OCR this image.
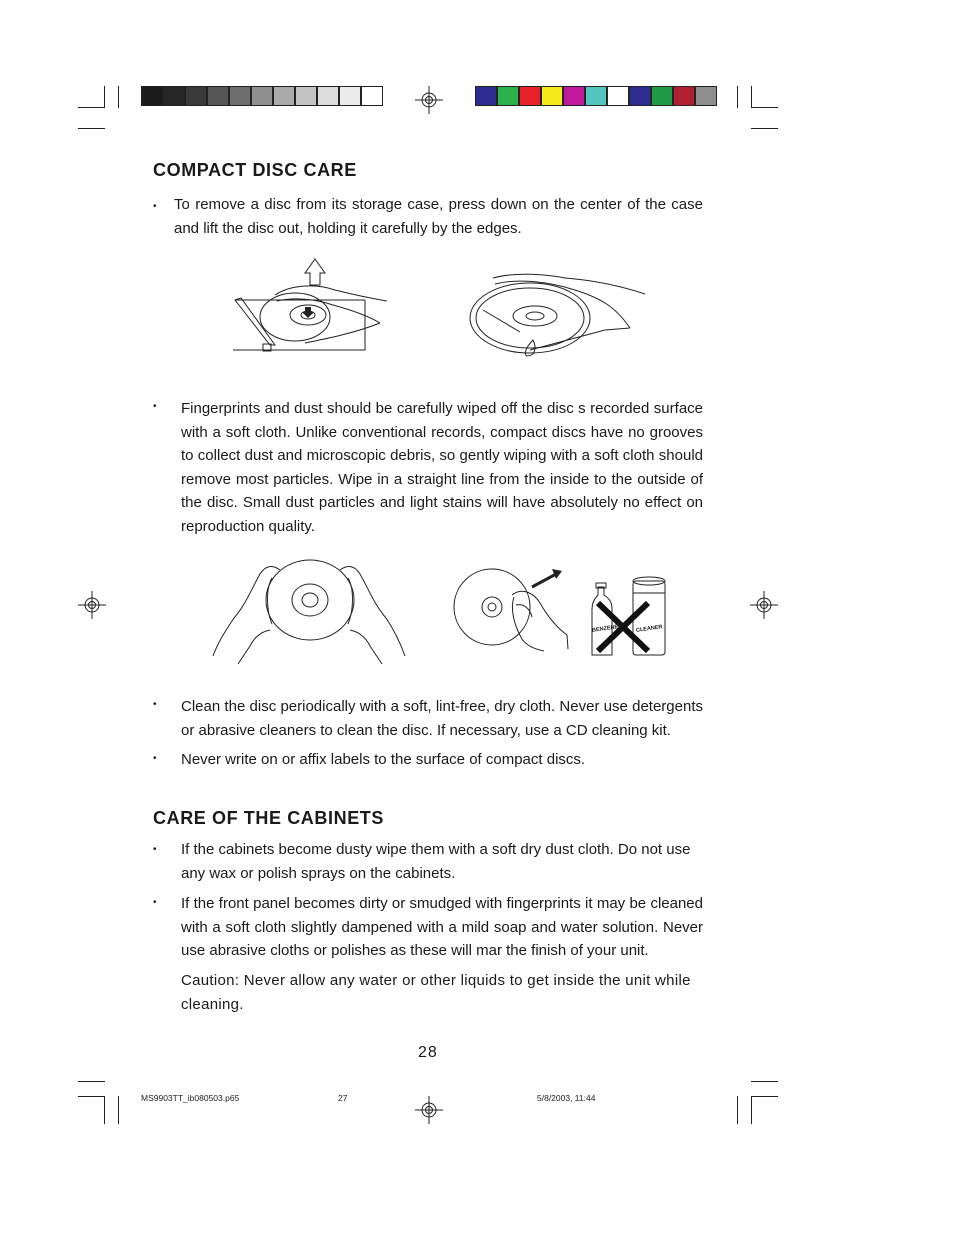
COMPACT DISC CARE
• To remove a disc from its storage case, press down on the center of the case and lift the disc out, holding it carefully by the edges.

• Fingerprints and dust should be carefully wiped off the disc s recorded surface with a soft cloth. Unlike conventional records, compact discs have no grooves to collect dust and microscopic debris, so gently wiping with a soft cloth should remove most particles. Wipe in a straight line from the inside to the outside of the disc. Small dust particles and light stains will have absolutely no effect on reproduction quality.

BENZENE	CLEANER
• Clean the disc periodically with a soft, lint-free, dry cloth. Never use detergents or abrasive cleaners to clean the disc. If necessary, use a CD cleaning kit.

• Never write on or affix labels to the surface of compact discs.

CARE OF THE CABINETS
• If the cabinets become dusty wipe them with a soft dry dust cloth. Do not use any wax or polish sprays on the cabinets.

• If the front panel becomes dirty or smudged with fingerprints it may be cleaned with a soft cloth slightly dampened with a mild soap and water solution. Never use abrasive cloths or polishes as these will mar the finish of your unit.

Caution: Never allow any water or other liquids to get inside the unit while cleaning.

28
MS9903TT_ib080503.p65	27	5/8/2003, 11:44
